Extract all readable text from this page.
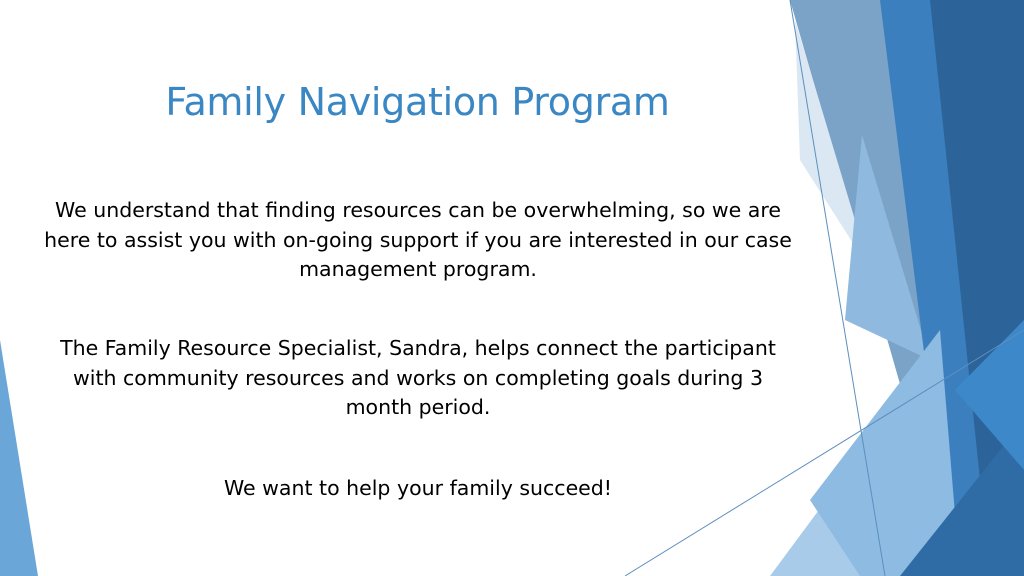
Family Navigation Program

We understand that finding resources can be overwhelming, so we are here to assist you with on-going support if you are interested in our case management program.

The Family Resource Specialist, Sandra, helps connect the participant with community resources and works on completing goals during 3 month period.

We want to help your family succeed!
